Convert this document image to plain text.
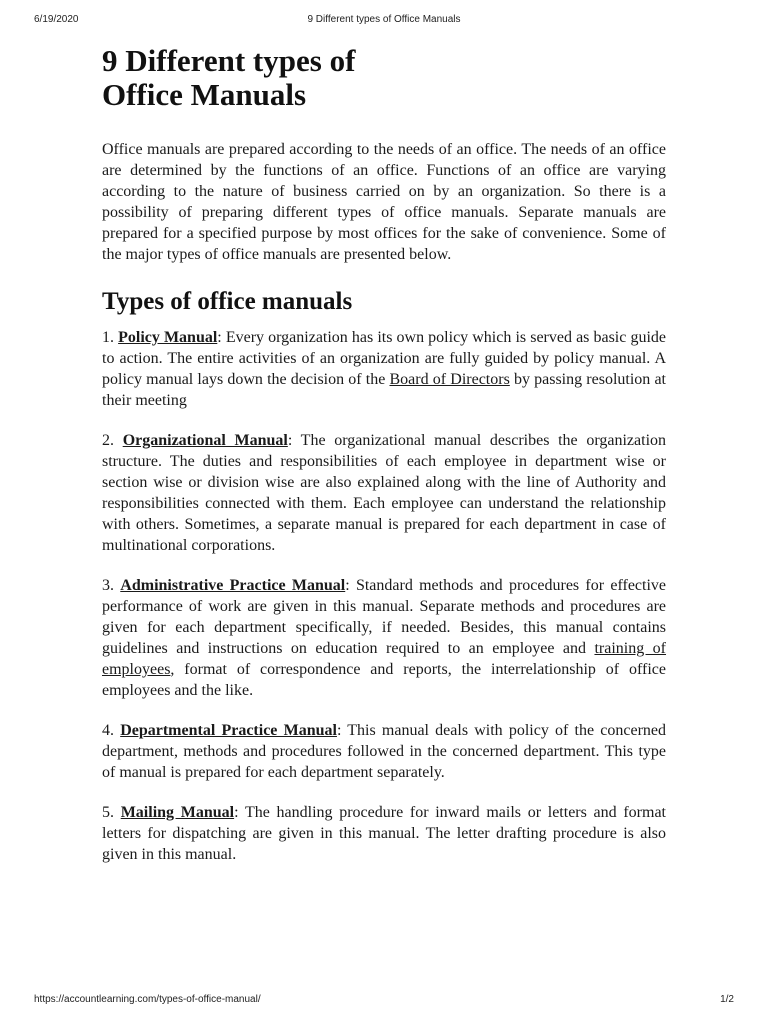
6/19/2020	9 Different types of Office Manuals
9 Different types of
Office Manuals

Office manuals are prepared according to the needs of an office. The needs of an office are determined by the functions of an office. Functions of an office are varying according to the nature of business carried on by an organization. So there is a possibility of preparing different types of office manuals. Separate manuals are prepared for a specified purpose by most offices for the sake of convenience. Some of the major types of office manuals are presented below.

Types of office manuals

1. Policy Manual: Every organization has its own policy which is served as basic guide to action. The entire activities of an organization are fully guided by policy manual. A policy manual lays down the decision of the Board of Directors by passing resolution at their meeting

2. Organizational Manual: The organizational manual describes the organization structure. The duties and responsibilities of each employee in department wise or section wise or division wise are also explained along with the line of Authority and responsibilities connected with them. Each employee can understand the relationship with others. Sometimes, a separate manual is prepared for each department in case of multinational corporations.

3. Administrative Practice Manual: Standard methods and procedures for effective performance of work are given in this manual. Separate methods and procedures are given for each department specifically, if needed. Besides, this manual contains guidelines and instructions on education required to an employee and training of employees, format of correspondence and reports, the interrelationship of office employees and the like.

4. Departmental Practice Manual: This manual deals with policy of the concerned department, methods and procedures followed in the concerned department. This type of manual is prepared for each department separately.

5. Mailing Manual: The handling procedure for inward mails or letters and format letters for dispatching are given in this manual. The letter drafting procedure is also given in this manual.

https://accountlearning.com/types-of-office-manual/	1/2
